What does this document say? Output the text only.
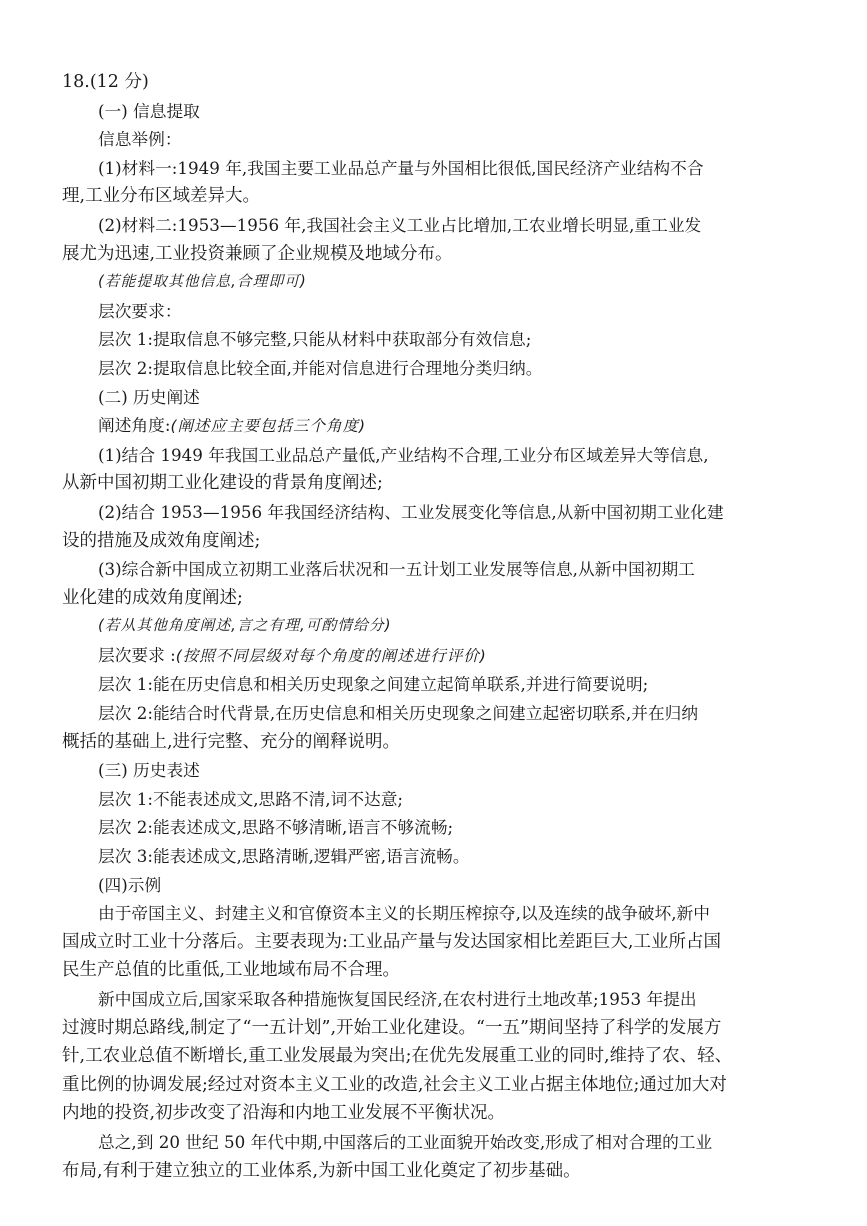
18.(12 分)
(一) 信息提取
信息举例：
(1)材料一:1949 年,我国主要工业品总产量与外国相比很低,国民经济产业结构不合
理,工业分布区域差异大。
(2)材料二:1953—1956 年,我国社会主义工业占比增加,工农业增长明显,重工业发
展尤为迅速,工业投资兼顾了企业规模及地域分布。
(若能提取其他信息,合理即可)
层次要求：
层次 1:提取信息不够完整,只能从材料中获取部分有效信息;
层次 2:提取信息比较全面,并能对信息进行合理地分类归纳。
(二) 历史阐述
阐述角度:(阐述应主要包括三个角度)
(1)结合 1949 年我国工业品总产量低,产业结构不合理,工业分布区域差异大等信息,
从新中国初期工业化建设的背景角度阐述;
(2)结合 1953—1956 年我国经济结构、工业发展变化等信息,从新中国初期工业化建
设的措施及成效角度阐述;
(3)综合新中国成立初期工业落后状况和一五计划工业发展等信息,从新中国初期工
业化建的成效角度阐述;
(若从其他角度阐述,言之有理,可酌情给分)
层次要求 :(按照不同层级对每个角度的阐述进行评价)
层次 1:能在历史信息和相关历史现象之间建立起简单联系,并进行简要说明;
层次 2:能结合时代背景,在历史信息和相关历史现象之间建立起密切联系,并在归纳
概括的基础上,进行完整、充分的阐释说明。
(三) 历史表述
层次 1:不能表述成文,思路不清,词不达意;
层次 2:能表述成文,思路不够清晰,语言不够流畅;
层次 3:能表述成文,思路清晰,逻辑严密,语言流畅。
(四)示例
由于帝国主义、封建主义和官僚资本主义的长期压榨掠夺,以及连续的战争破坏,新中
国成立时工业十分落后。主要表现为:工业品产量与发达国家相比差距巨大,工业所占国
民生产总值的比重低,工业地域布局不合理。
新中国成立后,国家采取各种措施恢复国民经济,在农村进行土地改革;1953 年提出
过渡时期总路线,制定了“一五计划”,开始工业化建设。“一五”期间坚持了科学的发展方
针,工农业总值不断增长,重工业发展最为突出;在优先发展重工业的同时,维持了农、轻、
重比例的协调发展;经过对资本主义工业的改造,社会主义工业占据主体地位;通过加大对
内地的投资,初步改变了沿海和内地工业发展不平衡状况。
总之,到 20 世纪 50 年代中期,中国落后的工业面貌开始改变,形成了相对合理的工业
布局,有利于建立独立的工业体系,为新中国工业化奠定了初步基础。
